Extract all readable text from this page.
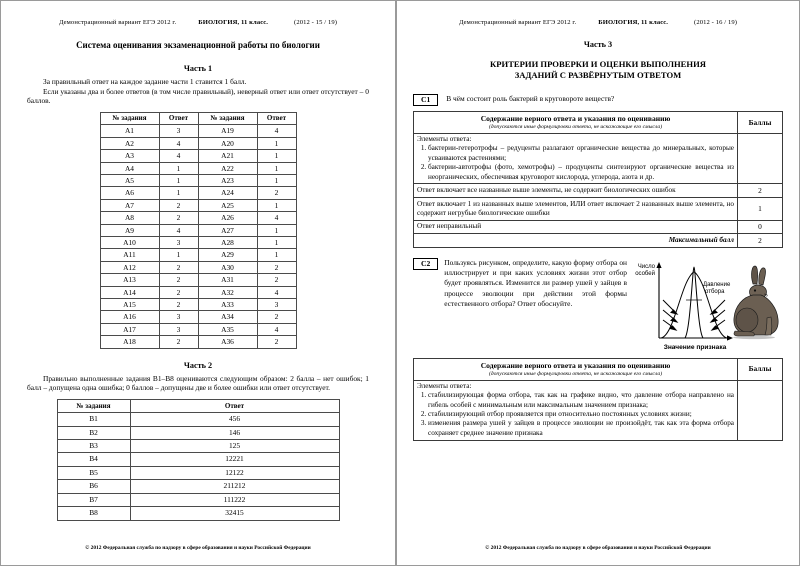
Демонстрационный вариант ЕГЭ 2012 г.	БИОЛОГИЯ, 11 класс.	(2012 - 15 / 19)
Система оценивания экзаменационной работы по биологии
Часть 1

За правильный ответ на каждое задание части 1 ставится 1 балл.

Если указаны два и более ответов (в том числе правильный), неверный ответ или ответ отсутствует – 0 баллов.

№ задания	Ответ	№ задания	Ответ
A1	3	A19	4
A2	4	A20	1
A3	4	A21	1
A4	1	A22	1
A5	1	A23	1
A6	1	A24	2
A7	2	A25	1
A8	2	A26	4
A9	4	A27	1
A10	3	A28	1
A11	1	A29	1
A12	2	A30	2
A13	2	A31	2
A14	2	A32	4
A15	2	A33	3
A16	3	A34	2
A17	3	A35	4
A18	2	A36	2
Часть 2

Правильно выполненные задания В1–В8 оцениваются следующим образом: 2 балла – нет ошибок; 1 балл – допущена одна ошибка; 0 баллов – допущены две и более ошибки или ответ отсутствует.

№ задания	Ответ
B1	456
B2	146
B3	125
B4	12221
B5	12122
B6	211212
B7	111222
B8	32415
© 2012 Федеральная служба по надзору в сфере образования и науки Российской Федерации
Демонстрационный вариант ЕГЭ 2012 г.	БИОЛОГИЯ, 11 класс.	(2012 - 16 / 19)
Часть 3
КРИТЕРИИ ПРОВЕРКИ И ОЦЕНКИ ВЫПОЛНЕНИЯ
ЗАДАНИЙ С РАЗВЁРНУТЫМ ОТВЕТОМ
C1	В чём состоит роль бактерий в круговороте веществ?
Содержание верного ответа и указания по оцениванию
(допускаются иные формулировки ответа, не искажающие его смысла)	Баллы

Элементы ответа:
1. бактерии-гетеротрофы – редуценты разлагают органические вещества до минеральных, которые усваиваются растениями;
2. бактерии-автотрофы (фото, хемотрофы) – продуценты синтезируют органические вещества из неорганических, обеспечивая круговорот кислорода, углерода, азота и др.

Ответ включает все названные выше элементы, не содержит биологических ошибок	2
Ответ включает 1 из названных выше элементов, ИЛИ ответ включает 2 названных выше элемента, но содержит негрубые биологические ошибки	1
Ответ неправильный	0
Максимальный балл	2
C2	Пользуясь рисунком, определите, какую форму отбора он иллюстрирует и при каких условиях жизни этот отбор будет проявляться. Изменится ли размер ушей у зайцев в процессе эволюции при действии этой формы естественного отбора? Ответ обоснуйте.
Число
особей
Давление
отбора
Значение признака
Содержание верного ответа и указания по оцениванию
(допускаются иные формулировки ответа, не искажающие его смысла)	Баллы

Элементы ответа:
1. стабилизирующая форма отбора, так как на графике видно, что давление отбора направлено на гибель особей с минимальным или максимальным значением признака;
2. стабилизирующий отбор проявляется при относительно постоянных условиях жизни;
3. изменения размера ушей у зайцев в процессе эволюции не произойдёт, так как эта форма отбора сохраняет среднее значение признака

© 2012 Федеральная служба по надзору в сфере образования и науки Российской Федерации
